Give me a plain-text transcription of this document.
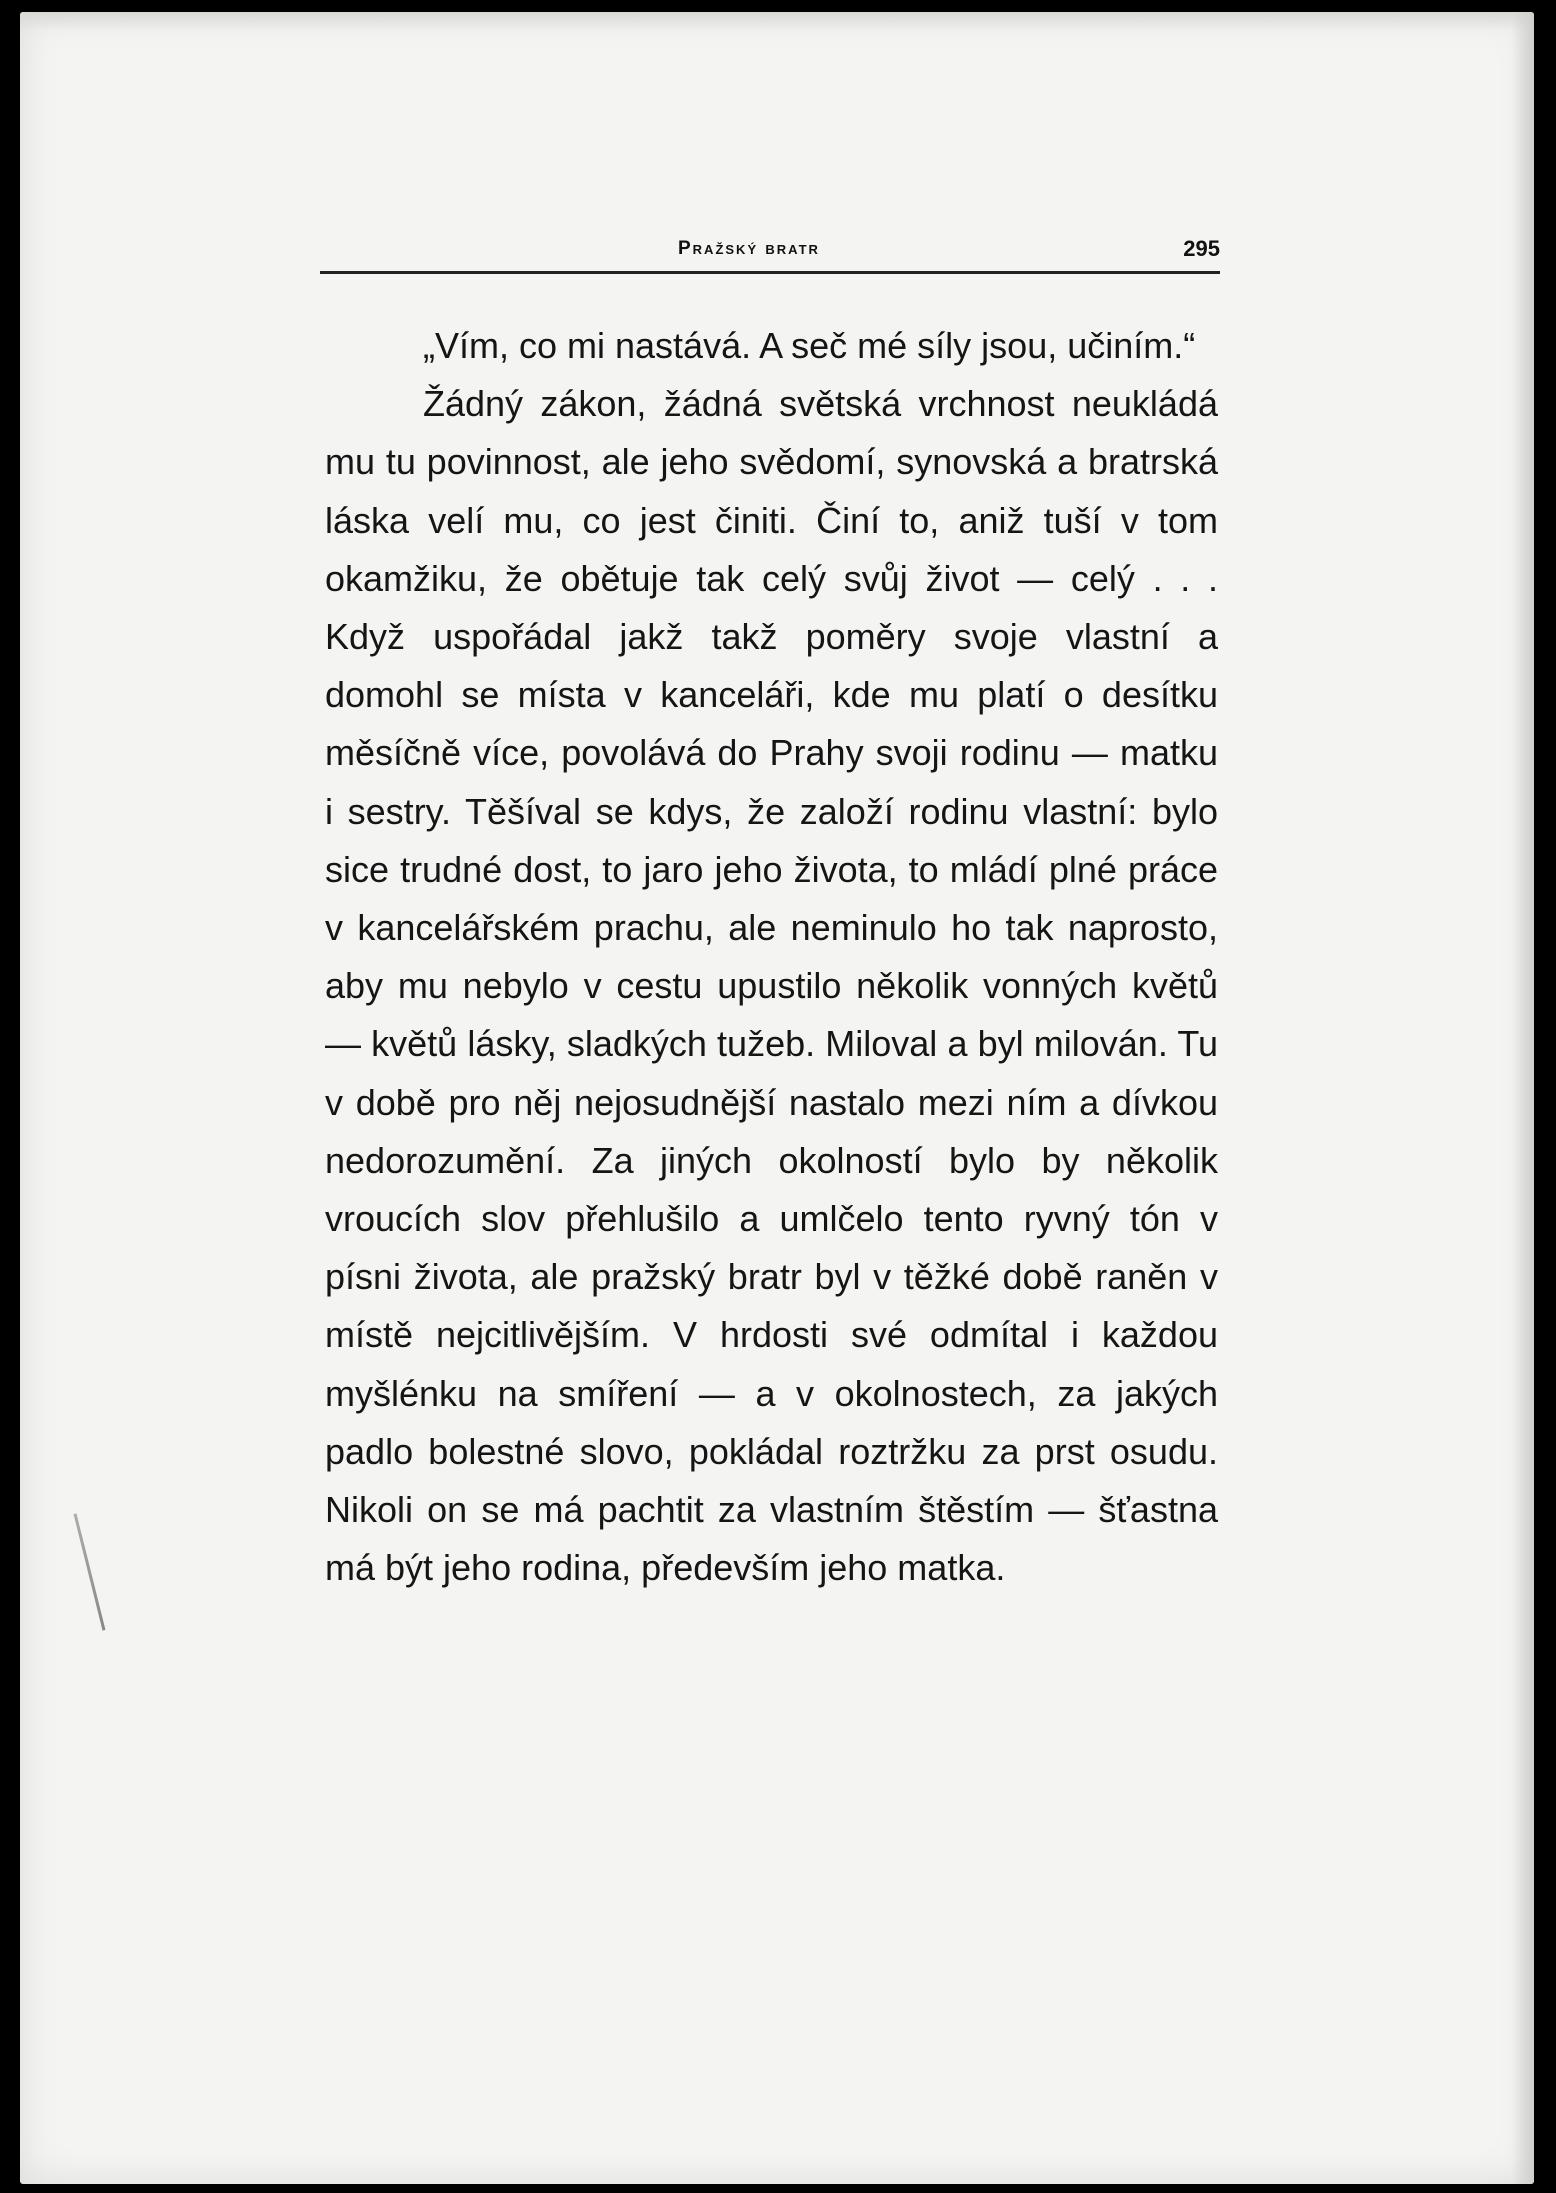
Pražský bratr	295

„Vím, co mi nastává. A seč mé síly jsou, učiním.“

Žádný zákon, žádná světská vrchnost neukládá mu tu povinnost, ale jeho svědomí, synovská a bratrská láska velí mu, co jest činiti. Činí to, aniž tuší v tom okamžiku, že obětuje tak celý svůj život — celý . . . Když uspořádal jakž takž poměry svoje vlastní a domohl se místa v kanceláři, kde mu platí o desítku měsíčně více, povolává do Prahy svoji rodinu — matku i sestry. Těšíval se kdys, že založí rodinu vlastní: bylo sice trudné dost, to jaro jeho života, to mládí plné práce v kancelářském prachu, ale neminulo ho tak naprosto, aby mu nebylo v cestu upustilo několik vonných květů — květů lásky, sladkých tužeb. Miloval a byl milován. Tu v době pro něj nejosudnější nastalo mezi ním a dívkou nedorozumění. Za jiných okolností bylo by několik vroucích slov přehlušilo a umlčelo tento ryvný tón v písni života, ale pražský bratr byl v těžké době raněn v místě nejcitlivějším. V hrdosti své odmítal i každou myšlénku na smíření — a v okolnostech, za jakých padlo bolestné slovo, pokládal roztržku za prst osudu. Nikoli on se má pachtit za vlastním štěstím — šťastna má být jeho rodina, především jeho matka.
